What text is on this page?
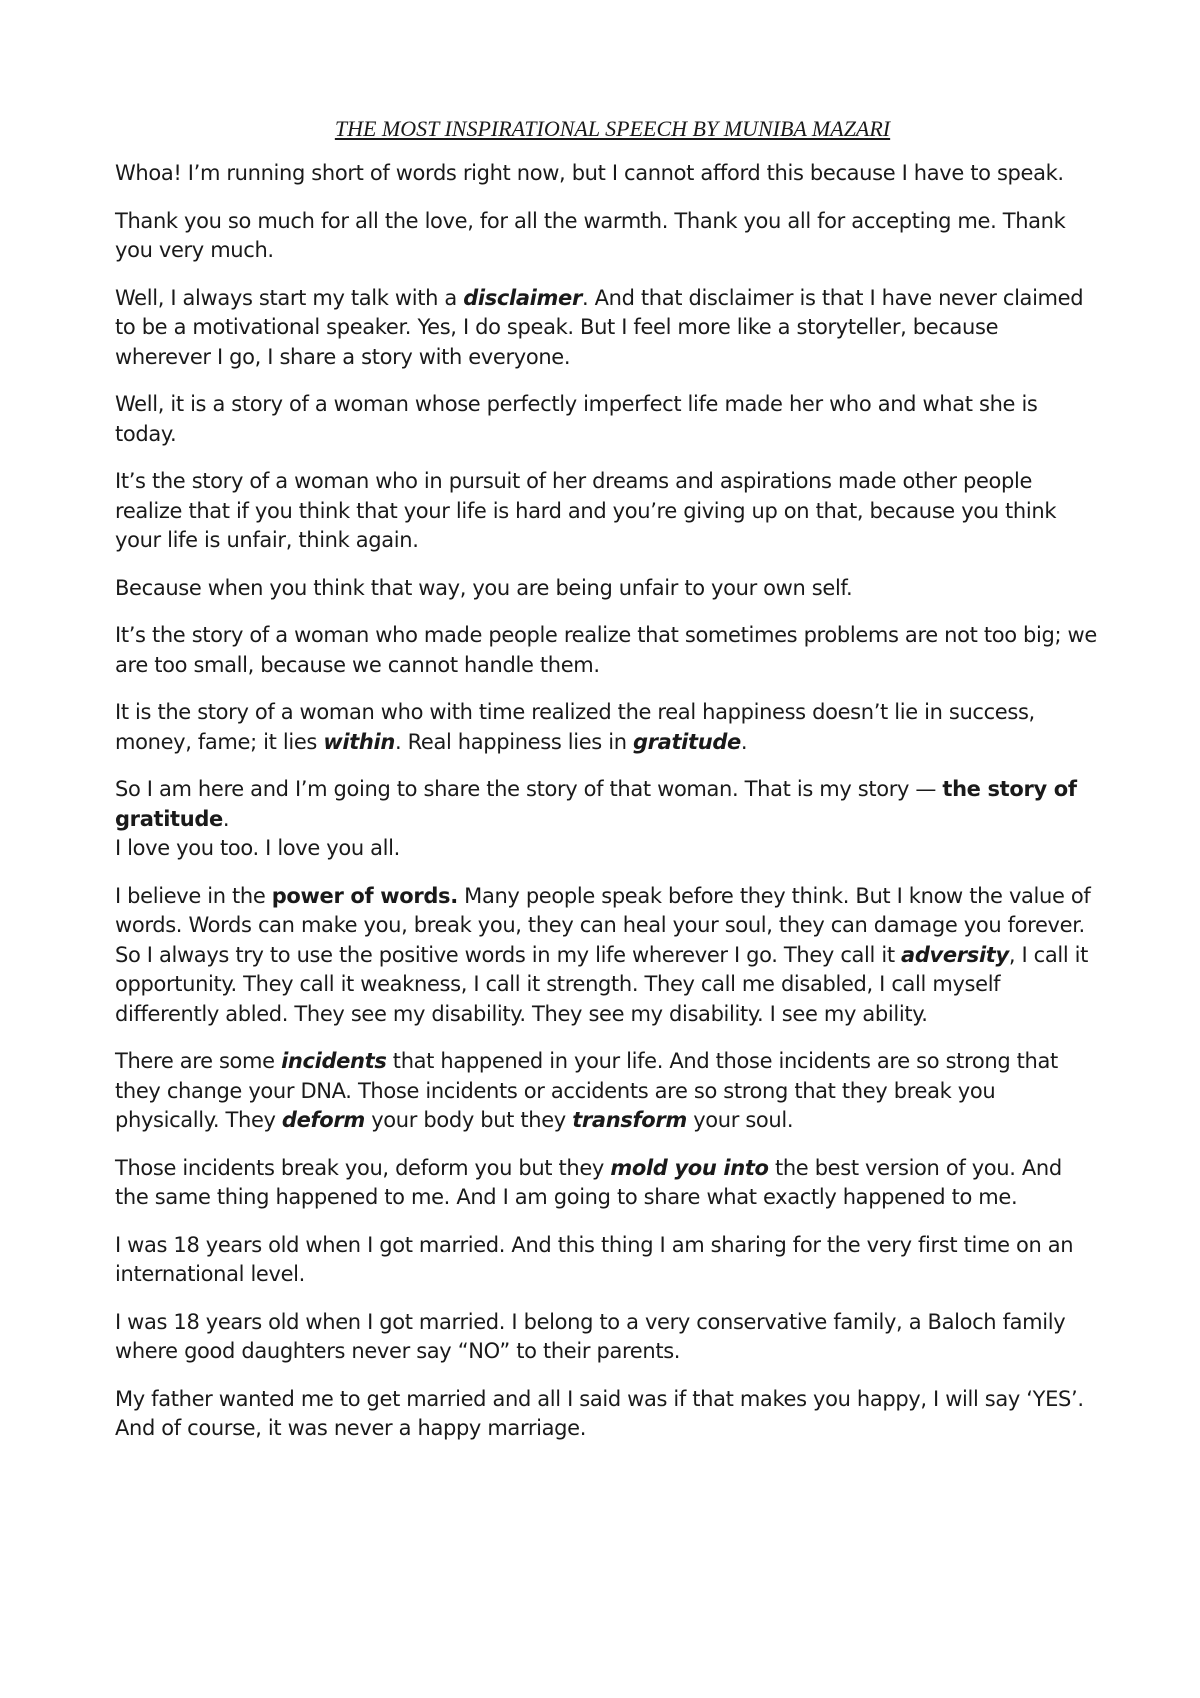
THE MOST INSPIRATIONAL SPEECH BY MUNIBA MAZARI

Whoa! I’m running short of words right now, but I cannot afford this because I have to speak.

Thank you so much for all the love, for all the warmth. Thank you all for accepting me. Thank you very much.

Well, I always start my talk with a disclaimer. And that disclaimer is that I have never claimed to be a motivational speaker. Yes, I do speak. But I feel more like a storyteller, because wherever I go, I share a story with everyone.

Well, it is a story of a woman whose perfectly imperfect life made her who and what she is today.

It’s the story of a woman who in pursuit of her dreams and aspirations made other people realize that if you think that your life is hard and you’re giving up on that, because you think your life is unfair, think again.

Because when you think that way, you are being unfair to your own self.

It’s the story of a woman who made people realize that sometimes problems are not too big; we are too small, because we cannot handle them.

It is the story of a woman who with time realized the real happiness doesn’t lie in success, money, fame; it lies within. Real happiness lies in gratitude.

So I am here and I’m going to share the story of that woman. That is my story — the story of gratitude.

I love you too. I love you all.

I believe in the power of words. Many people speak before they think. But I know the value of words. Words can make you, break you, they can heal your soul, they can damage you forever. So I always try to use the positive words in my life wherever I go. They call it adversity, I call it opportunity. They call it weakness, I call it strength. They call me disabled, I call myself differently abled. They see my disability. They see my disability. I see my ability.

There are some incidents that happened in your life. And those incidents are so strong that they change your DNA. Those incidents or accidents are so strong that they break you physically. They deform your body but they transform your soul.

Those incidents break you, deform you but they mold you into the best version of you. And the same thing happened to me. And I am going to share what exactly happened to me.

I was 18 years old when I got married. And this thing I am sharing for the very first time on an international level.

I was 18 years old when I got married. I belong to a very conservative family, a Baloch family where good daughters never say “NO” to their parents.

My father wanted me to get married and all I said was if that makes you happy, I will say ‘YES’. And of course, it was never a happy marriage.
